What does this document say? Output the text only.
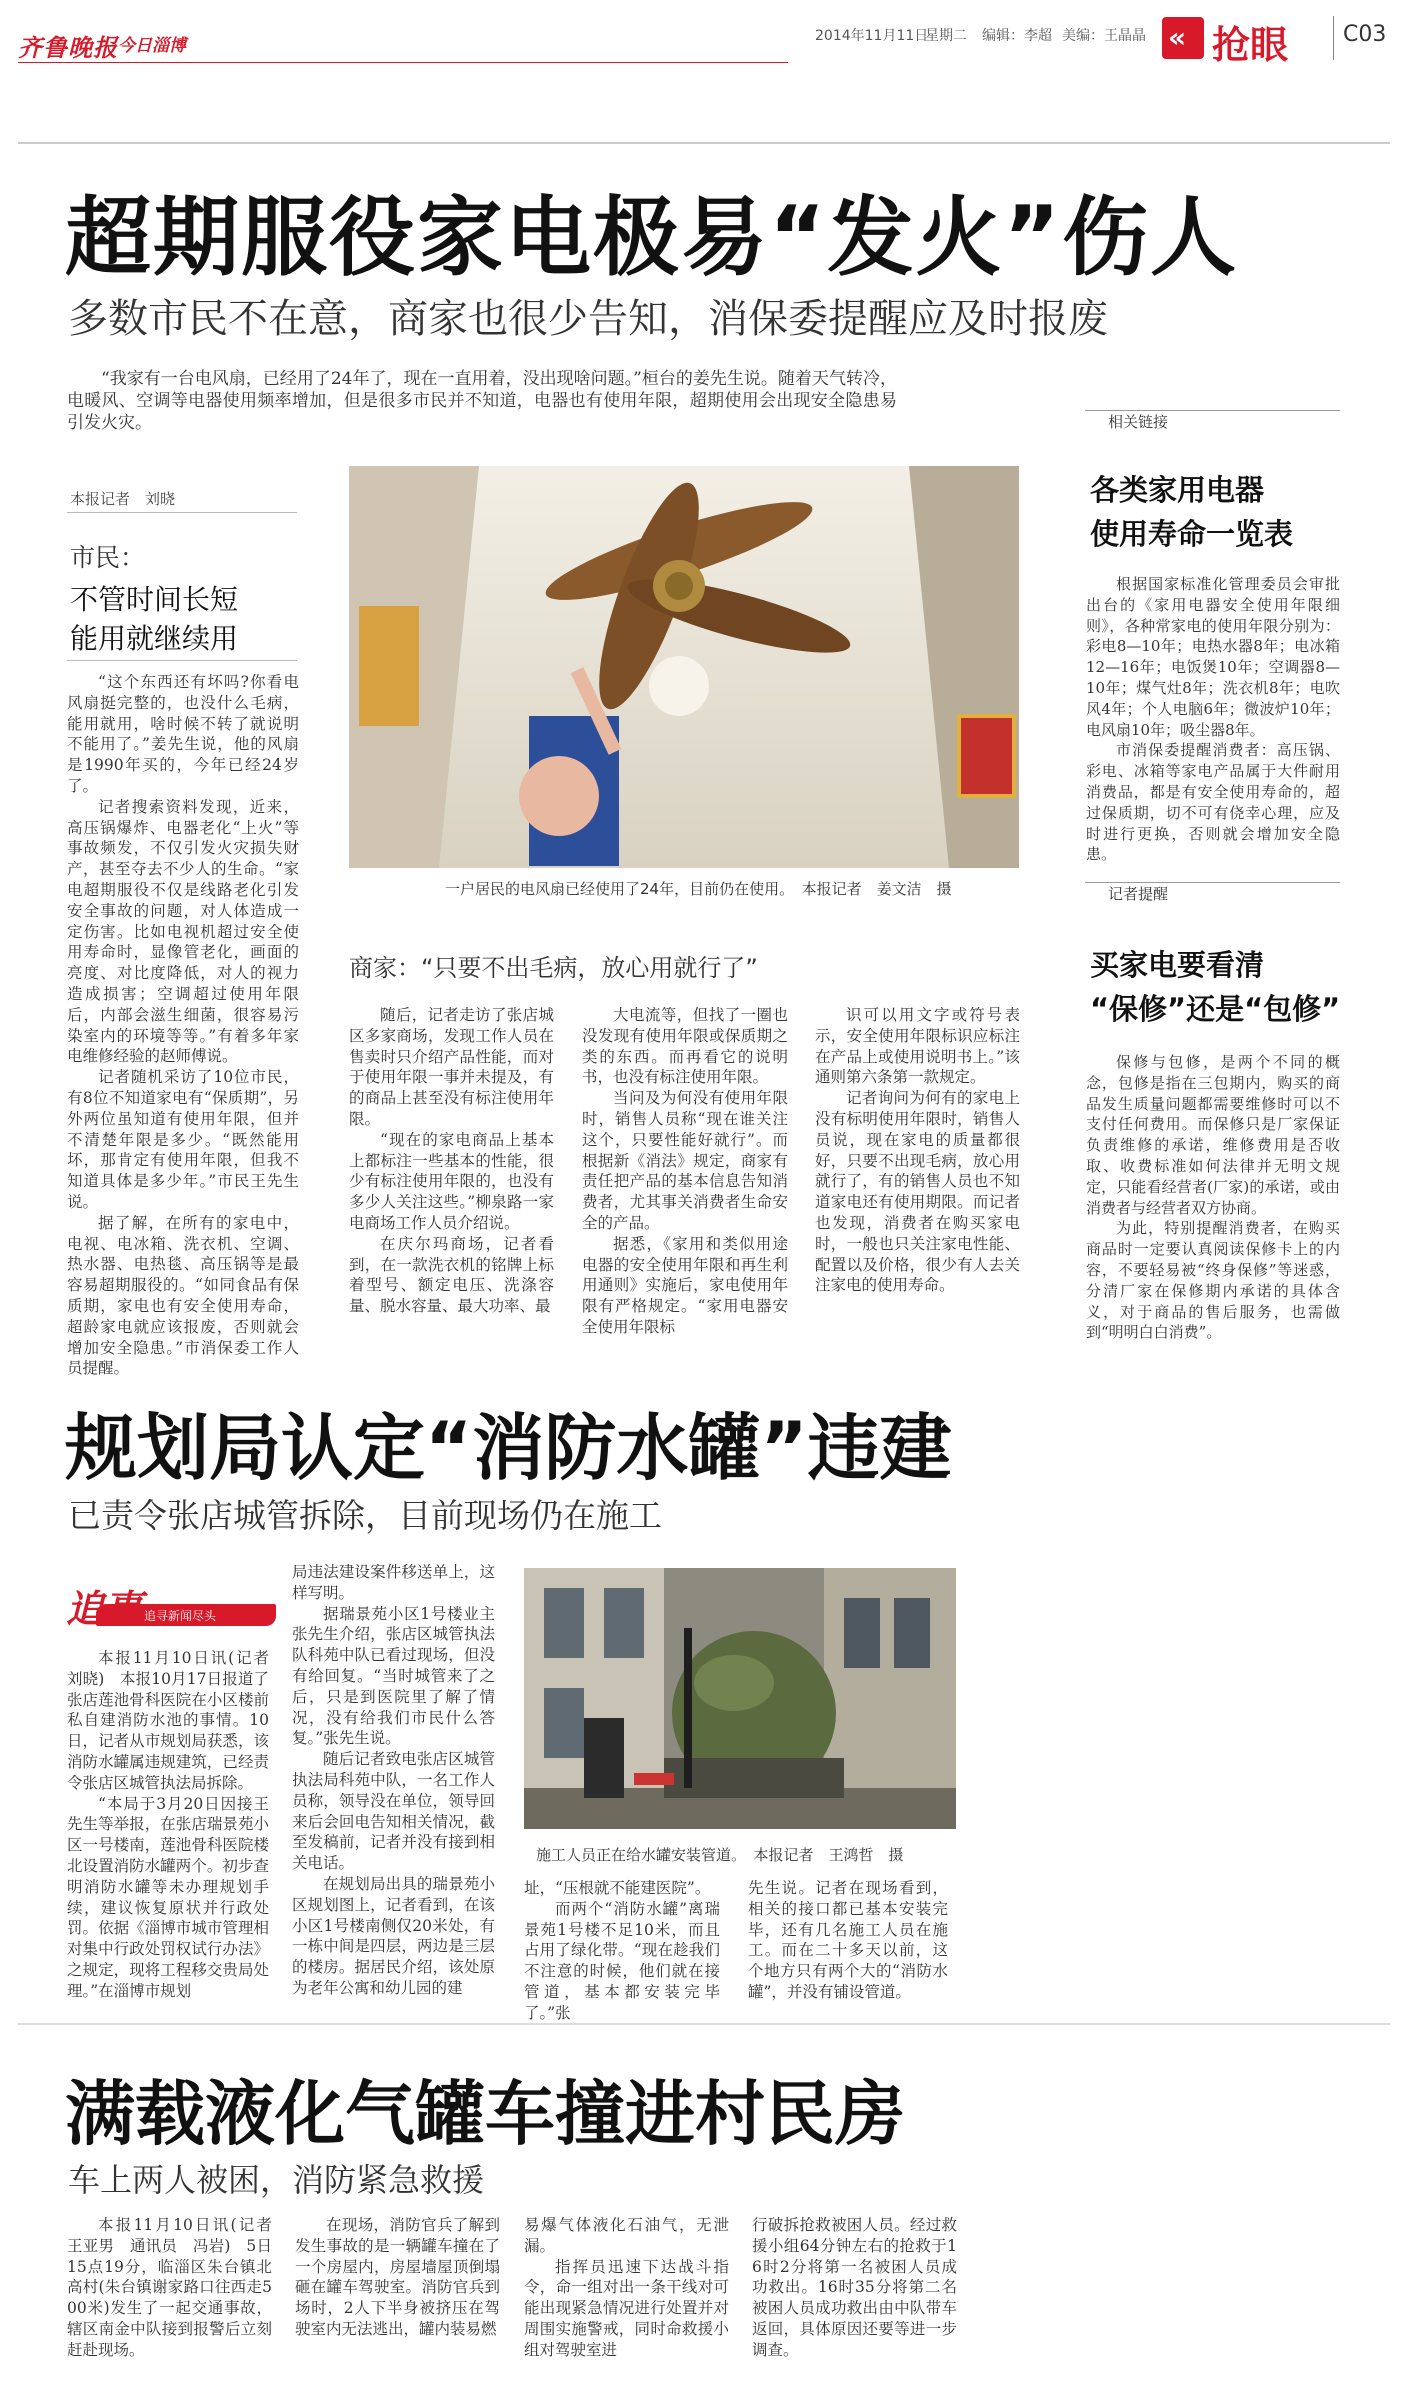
齐鲁晚报 今日淄博	2014年11月11日
星期二 编辑：李超 美编：王晶晶 « 抢眼 C03
超期服役家电极易“发火”伤人
多数市民不在意，商家也很少告知，消保委提醒应及时报废
“我家有一台电风扇，已经用了24年了，现在一直用着，没出现啥问题。”桓台的姜先生说。随着天气转冷，电暖风、空调等电器使用频率增加，但是很多市民并不知道，电器也有使用年限，超期使用会出现安全隐患易引发火灾。
本报记者　刘晓
市民：
不管时间长短
能用就继续用

“这个东西还有坏吗?你看电风扇挺完整的，也没什么毛病，能用就用，啥时候不转了就说明不能用了。”姜先生说，他的风扇是1990年买的，今年已经24岁了。

记者搜索资料发现，近来，高压锅爆炸、电器老化“上火”等事故频发，不仅引发火灾损失财产，甚至夺去不少人的生命。“家电超期服役不仅是线路老化引发安全事故的问题，对人体造成一定伤害。比如电视机超过安全使用寿命时，显像管老化，画面的亮度、对比度降低，对人的视力造成损害；空调超过使用年限后，内部会滋生细菌，很容易污染室内的环境等等。”有着多年家电维修经验的赵师傅说。

记者随机采访了10位市民，有8位不知道家电有“保质期”，另外两位虽知道有使用年限，但并不清楚年限是多少。“既然能用坏，那肯定有使用年限，但我不知道具体是多少年。”市民王先生说。

据了解，在所有的家电中，电视、电冰箱、洗衣机、空调、热水器、电热毯、高压锅等是最容易超期服役的。“如同食品有保质期，家电也有安全使用寿命，超龄家电就应该报废，否则就会增加安全隐患。”市消保委工作人员提醒。

一户居民的电风扇已经使用了24年，目前仍在使用。　本报记者　姜文洁　摄
商家：“只要不出毛病，放心用就行了”

随后，记者走访了张店城区多家商场，发现工作人员在售卖时只介绍产品性能，而对于使用年限一事并未提及，有的商品上甚至没有标注使用年限。

“现在的家电商品上基本上都标注一些基本的性能，很少有标注使用年限的，也没有多少人关注这些。”柳泉路一家电商场工作人员介绍说。

在庆尔玛商场，记者看到，在一款洗衣机的铭牌上标着型号、额定电压、洗涤容量、脱水容量、最大功率、最

大电流等，但找了一圈也没发现有使用年限或保质期之类的东西。而再看它的说明书，也没有标注使用年限。

当问及为何没有使用年限时，销售人员称“现在谁关注这个，只要性能好就行”。而根据新《消法》规定，商家有责任把产品的基本信息告知消费者，尤其事关消费者生命安全的产品。

据悉，《家用和类似用途电器的安全使用年限和再生利用通则》实施后，家电使用年限有严格规定。“家用电器安全使用年限标

识可以用文字或符号表示，安全使用年限标识应标注在产品上或使用说明书上。”该通则第六条第一款规定。

记者询问为何有的家电上没有标明使用年限时，销售人员说，现在家电的质量都很好，只要不出现毛病，放心用就行了，有的销售人员也不知道家电还有使用期限。而记者也发现，消费者在购买家电时，一般也只关注家电性能、配置以及价格，很少有人去关注家电的使用寿命。

相关链接
各类家用电器
使用寿命一览表

根据国家标准化管理委员会审批出台的《家用电器安全使用年限细则》，各种常家电的使用年限分别为：彩电8—10年；电热水器8年；电冰箱12—16年；电饭煲10年；空调器8—10年；煤气灶8年；洗衣机8年；电吹风4年；个人电脑6年；微波炉10年；电风扇10年；吸尘器8年。

市消保委提醒消费者：高压锅、彩电、冰箱等家电产品属于大件耐用消费品，都是有安全使用寿命的，超过保质期，切不可有侥幸心理，应及时进行更换，否则就会增加安全隐患。

记者提醒
买家电要看清
“保修”还是“包修”

保修与包修，是两个不同的概念，包修是指在三包期内，购买的商品发生质量问题都需要维修时可以不支付任何费用。而保修只是厂家保证负责维修的承诺，维修费用是否收取、收费标准如何法律并无明文规定，只能看经营者(厂家)的承诺，或由消费者与经营者双方协商。

为此，特别提醒消费者，在购买商品时一定要认真阅读保修卡上的内容，不要轻易被“终身保修”等迷惑，分清厂家在保修期内承诺的具体含义，对于商品的售后服务，也需做到“明明白白消费”。

规划局认定“消防水罐”违建
已责令张店城管拆除，目前现场仍在施工
追事 追寻新闻尽头

本报11月10日讯(记者　刘晓)　本报10月17日报道了张店莲池骨科医院在小区楼前私自建消防水池的事情。10日，记者从市规划局获悉，该消防水罐属违规建筑，已经责令张店区城管执法局拆除。

“本局于3月20日因接王先生等举报，在张店瑞景苑小区一号楼南，莲池骨科医院楼北设置消防水罐两个。初步查明消防水罐等未办理规划手续，建议恢复原状并行政处罚。依据《淄博市城市管理相对集中行政处罚权试行办法》之规定，现将工程移交贵局处理。”在淄博市规划

局违法建设案件移送单上，这样写明。

据瑞景苑小区1号楼业主张先生介绍，张店区城管执法队科苑中队已看过现场，但没有给回复。“当时城管来了之后，只是到医院里了解了情况，没有给我们市民什么答复。”张先生说。

随后记者致电张店区城管执法局科苑中队，一名工作人员称，领导没在单位，领导回来后会回电告知相关情况，截至发稿前，记者并没有接到相关电话。

在规划局出具的瑞景苑小区规划图上，记者看到，在该小区1号楼南侧仅20米处，有一栋中间是四层，两边是三层的楼房。据居民介绍，该处原为老年公寓和幼儿园的建

施工人员正在给水罐安装管道。　本报记者　王鸿哲　摄

址，“压根就不能建医院”。

而两个“消防水罐”离瑞景苑1号楼不足10米，而且占用了绿化带。“现在趁我们不注意的时候，他们就在接管道，基本都安装完毕了。”张

先生说。记者在现场看到，相关的接口都已基本安装完毕，还有几名施工人员在施工。而在二十多天以前，这个地方只有两个大的“消防水罐”，并没有铺设管道。

满载液化气罐车撞进村民房
车上两人被困，消防紧急救援

本报11月10日讯(记者　王亚男　通讯员　冯岩)　5日15点19分，临淄区朱台镇北高村(朱台镇谢家路口往西走500米)发生了一起交通事故，辖区南金中队接到报警后立刻赶赴现场。

在现场，消防官兵了解到发生事故的是一辆罐车撞在了一个房屋内，房屋墙屋顶倒塌砸在罐车驾驶室。消防官兵到场时，2人下半身被挤压在驾驶室内无法逃出，罐内装易燃

易爆气体液化石油气，无泄漏。

指挥员迅速下达战斗指令，命一组对出一条干线对可能出现紧急情况进行处置并对周围实施警戒，同时命救援小组对驾驶室进

行破拆抢救被困人员。经过救援小组64分钟左右的抢救于16时2分将第一名被困人员成功救出。16时35分将第二名被困人员成功救出由中队带车返回，具体原因还要等进一步调查。
